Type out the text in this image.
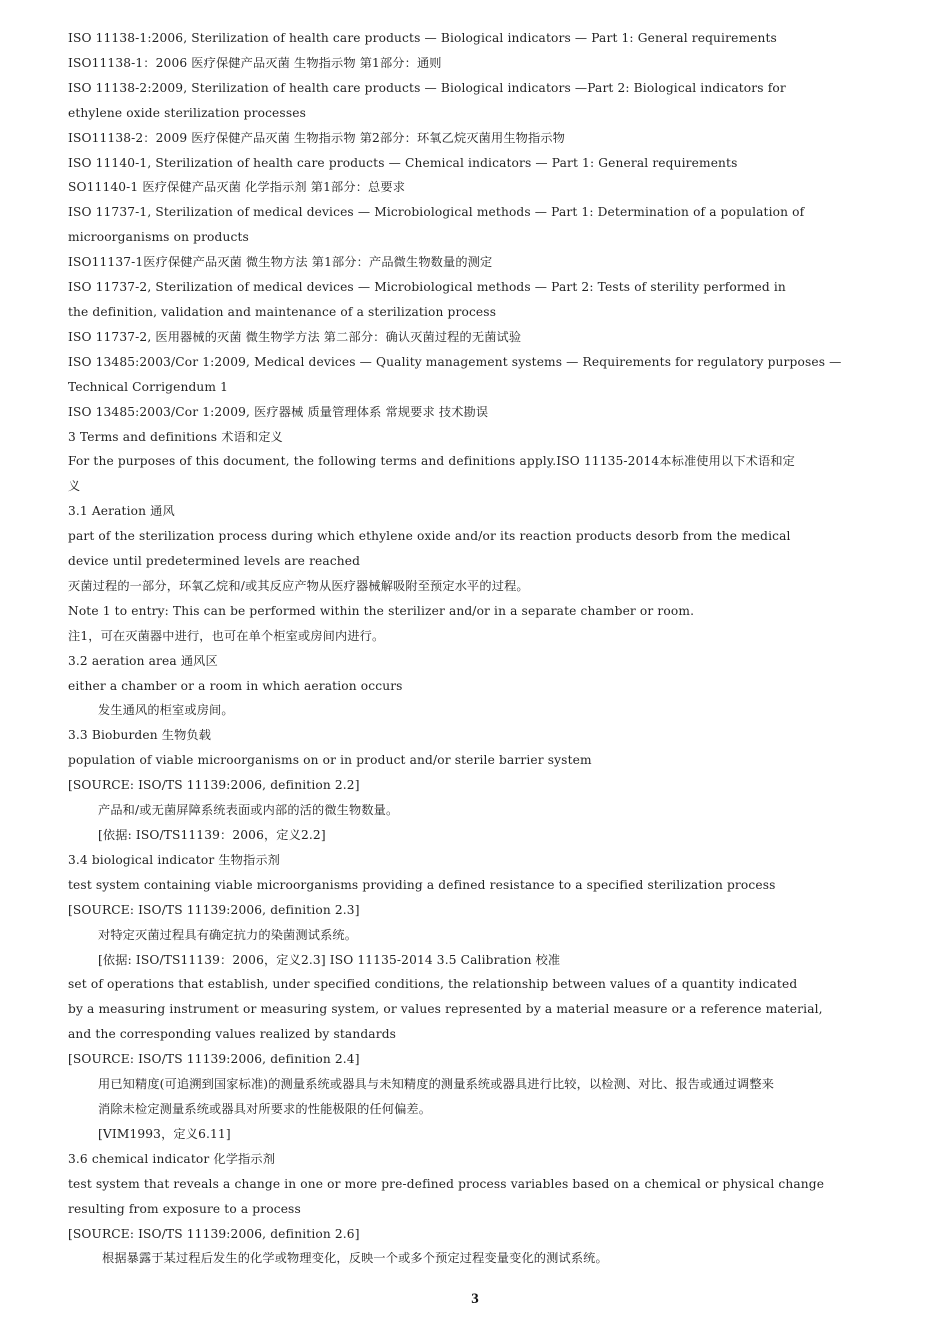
ISO 11138-1:2006, Sterilization of health care products — Biological indicators — Part 1: General requirements
ISO11138-1：2006 医疗保健产品灭菌 生物指示物 第1部分：通则
ISO 11138-2:2009, Sterilization of health care products — Biological indicators —Part 2: Biological indicators for
ethylene oxide sterilization processes
ISO11138-2：2009 医疗保健产品灭菌 生物指示物 第2部分：环氧乙烷灭菌用生物指示物
ISO 11140-1, Sterilization of health care products — Chemical indicators — Part 1: General requirements
SO11140-1 医疗保健产品灭菌 化学指示剂 第1部分：总要求
ISO 11737-1, Sterilization of medical devices — Microbiological methods — Part 1: Determination of a population of
microorganisms on products
ISO11137-1医疗保健产品灭菌 微生物方法 第1部分：产品微生物数量的测定
ISO 11737-2, Sterilization of medical devices — Microbiological methods — Part 2: Tests of sterility performed in
the definition, validation and maintenance of a sterilization process
ISO 11737-2, 医用器械的灭菌 微生物学方法 第二部分：确认灭菌过程的无菌试验
ISO 13485:2003/Cor 1:2009, Medical devices — Quality management systems — Requirements for regulatory purposes —
Technical Corrigendum 1
ISO 13485:2003/Cor 1:2009, 医疗器械 质量管理体系 常规要求 技术勘误
3 Terms and definitions 术语和定义
For the purposes of this document, the following terms and definitions apply.ISO 11135-2014本标准使用以下术语和定
义
3.1 Aeration 通风
part of the sterilization process during which ethylene oxide and/or its reaction products desorb from the medical
device until predetermined levels are reached
灭菌过程的一部分，环氧乙烷和/或其反应产物从医疗器械解吸附至预定水平的过程。
Note 1 to entry: This can be performed within the sterilizer and/or in a separate chamber or room.
注1，可在灭菌器中进行，也可在单个柜室或房间内进行。
3.2 aeration area 通风区
either a chamber or a room in which aeration occurs
发生通风的柜室或房间。
3.3 Bioburden 生物负载
population of viable microorganisms on or in product and/or sterile barrier system
[SOURCE: ISO/TS 11139:2006, definition 2.2]
产品和/或无菌屏障系统表面或内部的活的微生物数量。
[依据: ISO/TS11139：2006，定义2.2]
3.4 biological indicator 生物指示剂
test system containing viable microorganisms providing a defined resistance to a specified sterilization process
[SOURCE: ISO/TS 11139:2006, definition 2.3]
对特定灭菌过程具有确定抗力的染菌测试系统。
[依据: ISO/TS11139：2006，定义2.3] ISO 11135-2014 3.5 Calibration 校准
set of operations that establish, under specified conditions, the relationship between values of a quantity indicated
by a measuring instrument or measuring system, or values represented by a material measure or a reference material,
and the corresponding values realized by standards
[SOURCE: ISO/TS 11139:2006, definition 2.4]
用已知精度(可追溯到国家标准)的测量系统或器具与未知精度的测量系统或器具进行比较，以检测、对比、报告或通过调整来
消除未检定测量系统或器具对所要求的性能极限的任何偏差。
[VIM1993，定义6.11]
3.6 chemical indicator 化学指示剂
test system that reveals a change in one or more pre-defined process variables based on a chemical or physical change
resulting from exposure to a process
[SOURCE: ISO/TS 11139:2006, definition 2.6]
根据暴露于某过程后发生的化学或物理变化，反映一个或多个预定过程变量变化的测试系统。
3
